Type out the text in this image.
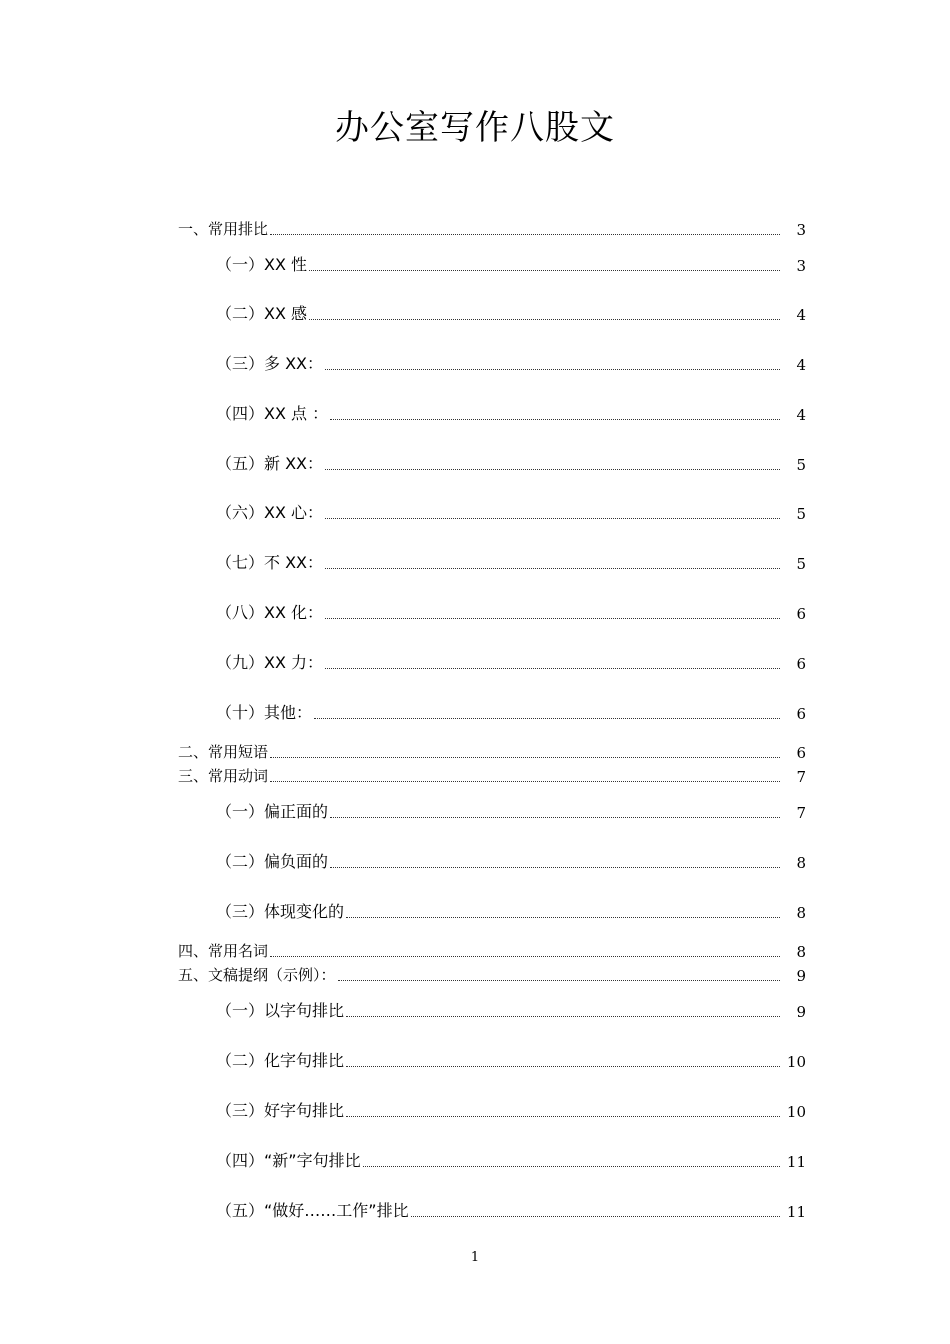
办公室写作八股文
一、常用排比	3
（一）XX 性	3
（二）XX 感	4
（三）多 XX：	4
（四）XX 点 ：	4
（五）新 XX：	5
（六）XX 心：	5
（七）不 XX：	5
（八）XX 化：	6
（九）XX 力：	6
（十）其他：	6
二、常用短语	6
三、常用动词	7
（一）偏正面的	7
（二）偏负面的	8
（三）体现变化的	8
四、常用名词	8
五、文稿提纲（示例）：	9
（一）以字句排比	9
（二）化字句排比	10
（三）好字句排比	10
（四）“新”字句排比	11
（五）“做好……工作”排比	11
1
